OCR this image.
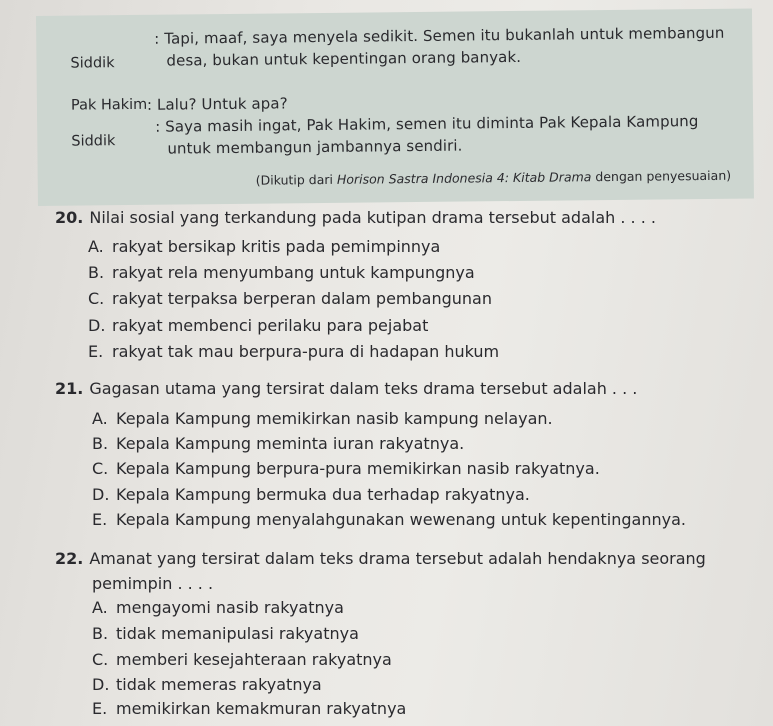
Siddik
: Tapi, maaf, saya menyela sedikit. Semen itu bukanlah untuk membangun
desa, bukan untuk kepentingan orang banyak.
Pak Hakim : Lalu? Untuk apa?
Siddik
: Saya masih ingat, Pak Hakim, semen itu diminta Pak Kepala Kampung
untuk membangun jambannya sendiri.
(Dikutip dari Horison Sastra Indonesia 4: Kitab Drama dengan penyesuaian)
20. Nilai sosial yang terkandung pada kutipan drama tersebut adalah . . . .
A. rakyat bersikap kritis pada pemimpinnya
B. rakyat rela menyumbang untuk kampungnya
C. rakyat terpaksa berperan dalam pembangunan
D. rakyat membenci perilaku para pejabat
E. rakyat tak mau berpura-pura di hadapan hukum
21. Gagasan utama yang tersirat dalam teks drama tersebut adalah . . .
A. Kepala Kampung memikirkan nasib kampung nelayan.
B. Kepala Kampung meminta iuran rakyatnya.
C. Kepala Kampung berpura-pura memikirkan nasib rakyatnya.
D. Kepala Kampung bermuka dua terhadap rakyatnya.
E. Kepala Kampung menyalahgunakan wewenang untuk kepentingannya.
22. Amanat yang tersirat dalam teks drama tersebut adalah hendaknya seorang
pemimpin . . . .
A. mengayomi nasib rakyatnya
B. tidak memanipulasi rakyatnya
C. memberi kesejahteraan rakyatnya
D. tidak memeras rakyatnya
E. memikirkan kemakmuran rakyatnya
